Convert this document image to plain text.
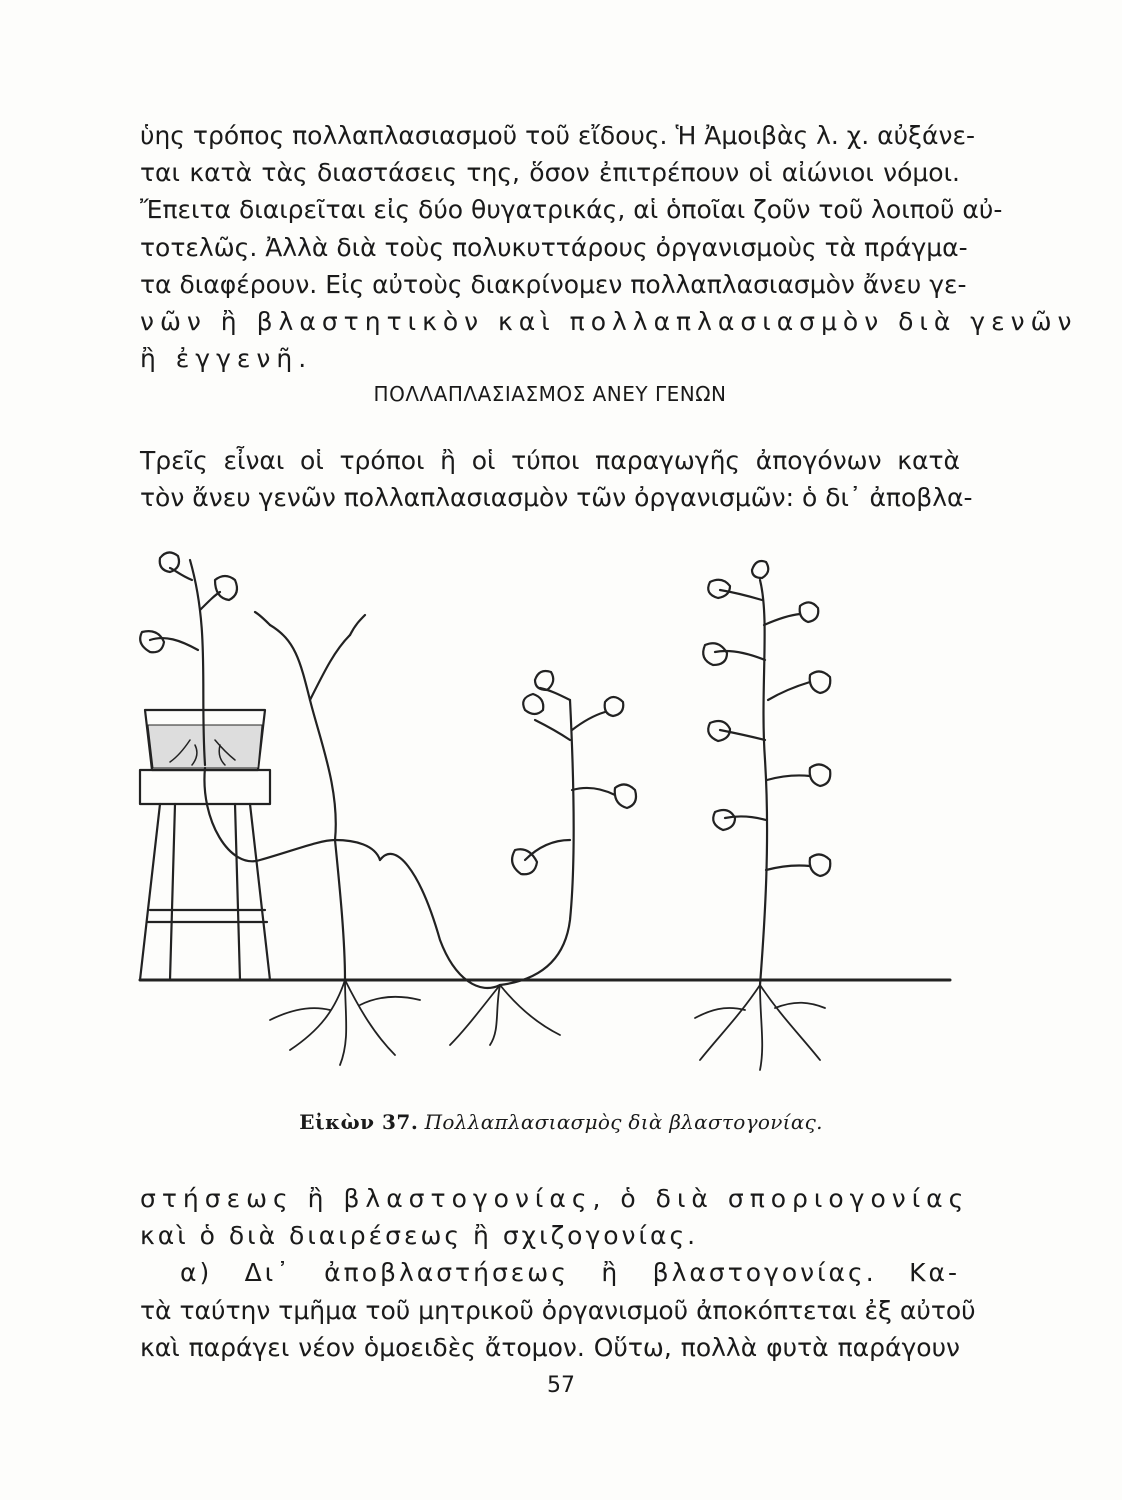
ὑης τρόπος πολλαπλασιασμοῦ τοῦ εἴδους. Ἡ Ἀμοιβὰς λ. χ. αὐξάνε-
ται κατὰ τὰς διαστάσεις της, ὅσον ἐπιτρέπουν οἱ αἰώνιοι νόμοι.
Ἔπειτα διαιρεῖται εἰς δύο θυγατρικάς, αἱ ὁποῖαι ζοῦν τοῦ λοιποῦ αὐ-
τοτελῶς. Ἀλλὰ διὰ τοὺς πολυκυττάρους ὀργανισμοὺς τὰ πράγμα-
τα διαφέρουν. Εἰς αὐτοὺς διακρίνομεν πολλαπλασιασμὸν ἄνευ γε-
νῶν ἢ βλαστητικὸν καὶ πολλαπλασιασμὸν διὰ γενῶν
ἢ ἐγγενῆ.
ΠΟΛΛΑΠΛΑΣΙΑΣΜΟΣ ΑΝΕΥ ΓΕΝΩΝ
Τρεῖς εἶναι οἱ τρόποι ἢ οἱ τύποι παραγωγῆς ἀπογόνων κατὰ
τὸν ἄνευ γενῶν πολλαπλασιασμὸν τῶν ὀργανισμῶν: ὁ δι᾿ ἀποβλα-
Εἰκὼν 37. Πολλαπλασιασμὸς διὰ βλαστογονίας.
στήσεως ἢ βλαστογονίας, ὁ διὰ σποριογονίας
καὶ ὁ διὰ διαιρέσεως ἢ σχιζογονίας.
α) Δι᾿ ἀποβλαστήσεως ἢ βλαστογονίας. Κα-
τὰ ταύτην τμῆμα τοῦ μητρικοῦ ὀργανισμοῦ ἀποκόπτεται ἐξ αὐτοῦ
καὶ παράγει νέον ὁμοειδὲς ἄτομον. Οὕτω, πολλὰ φυτὰ παράγουν
57
